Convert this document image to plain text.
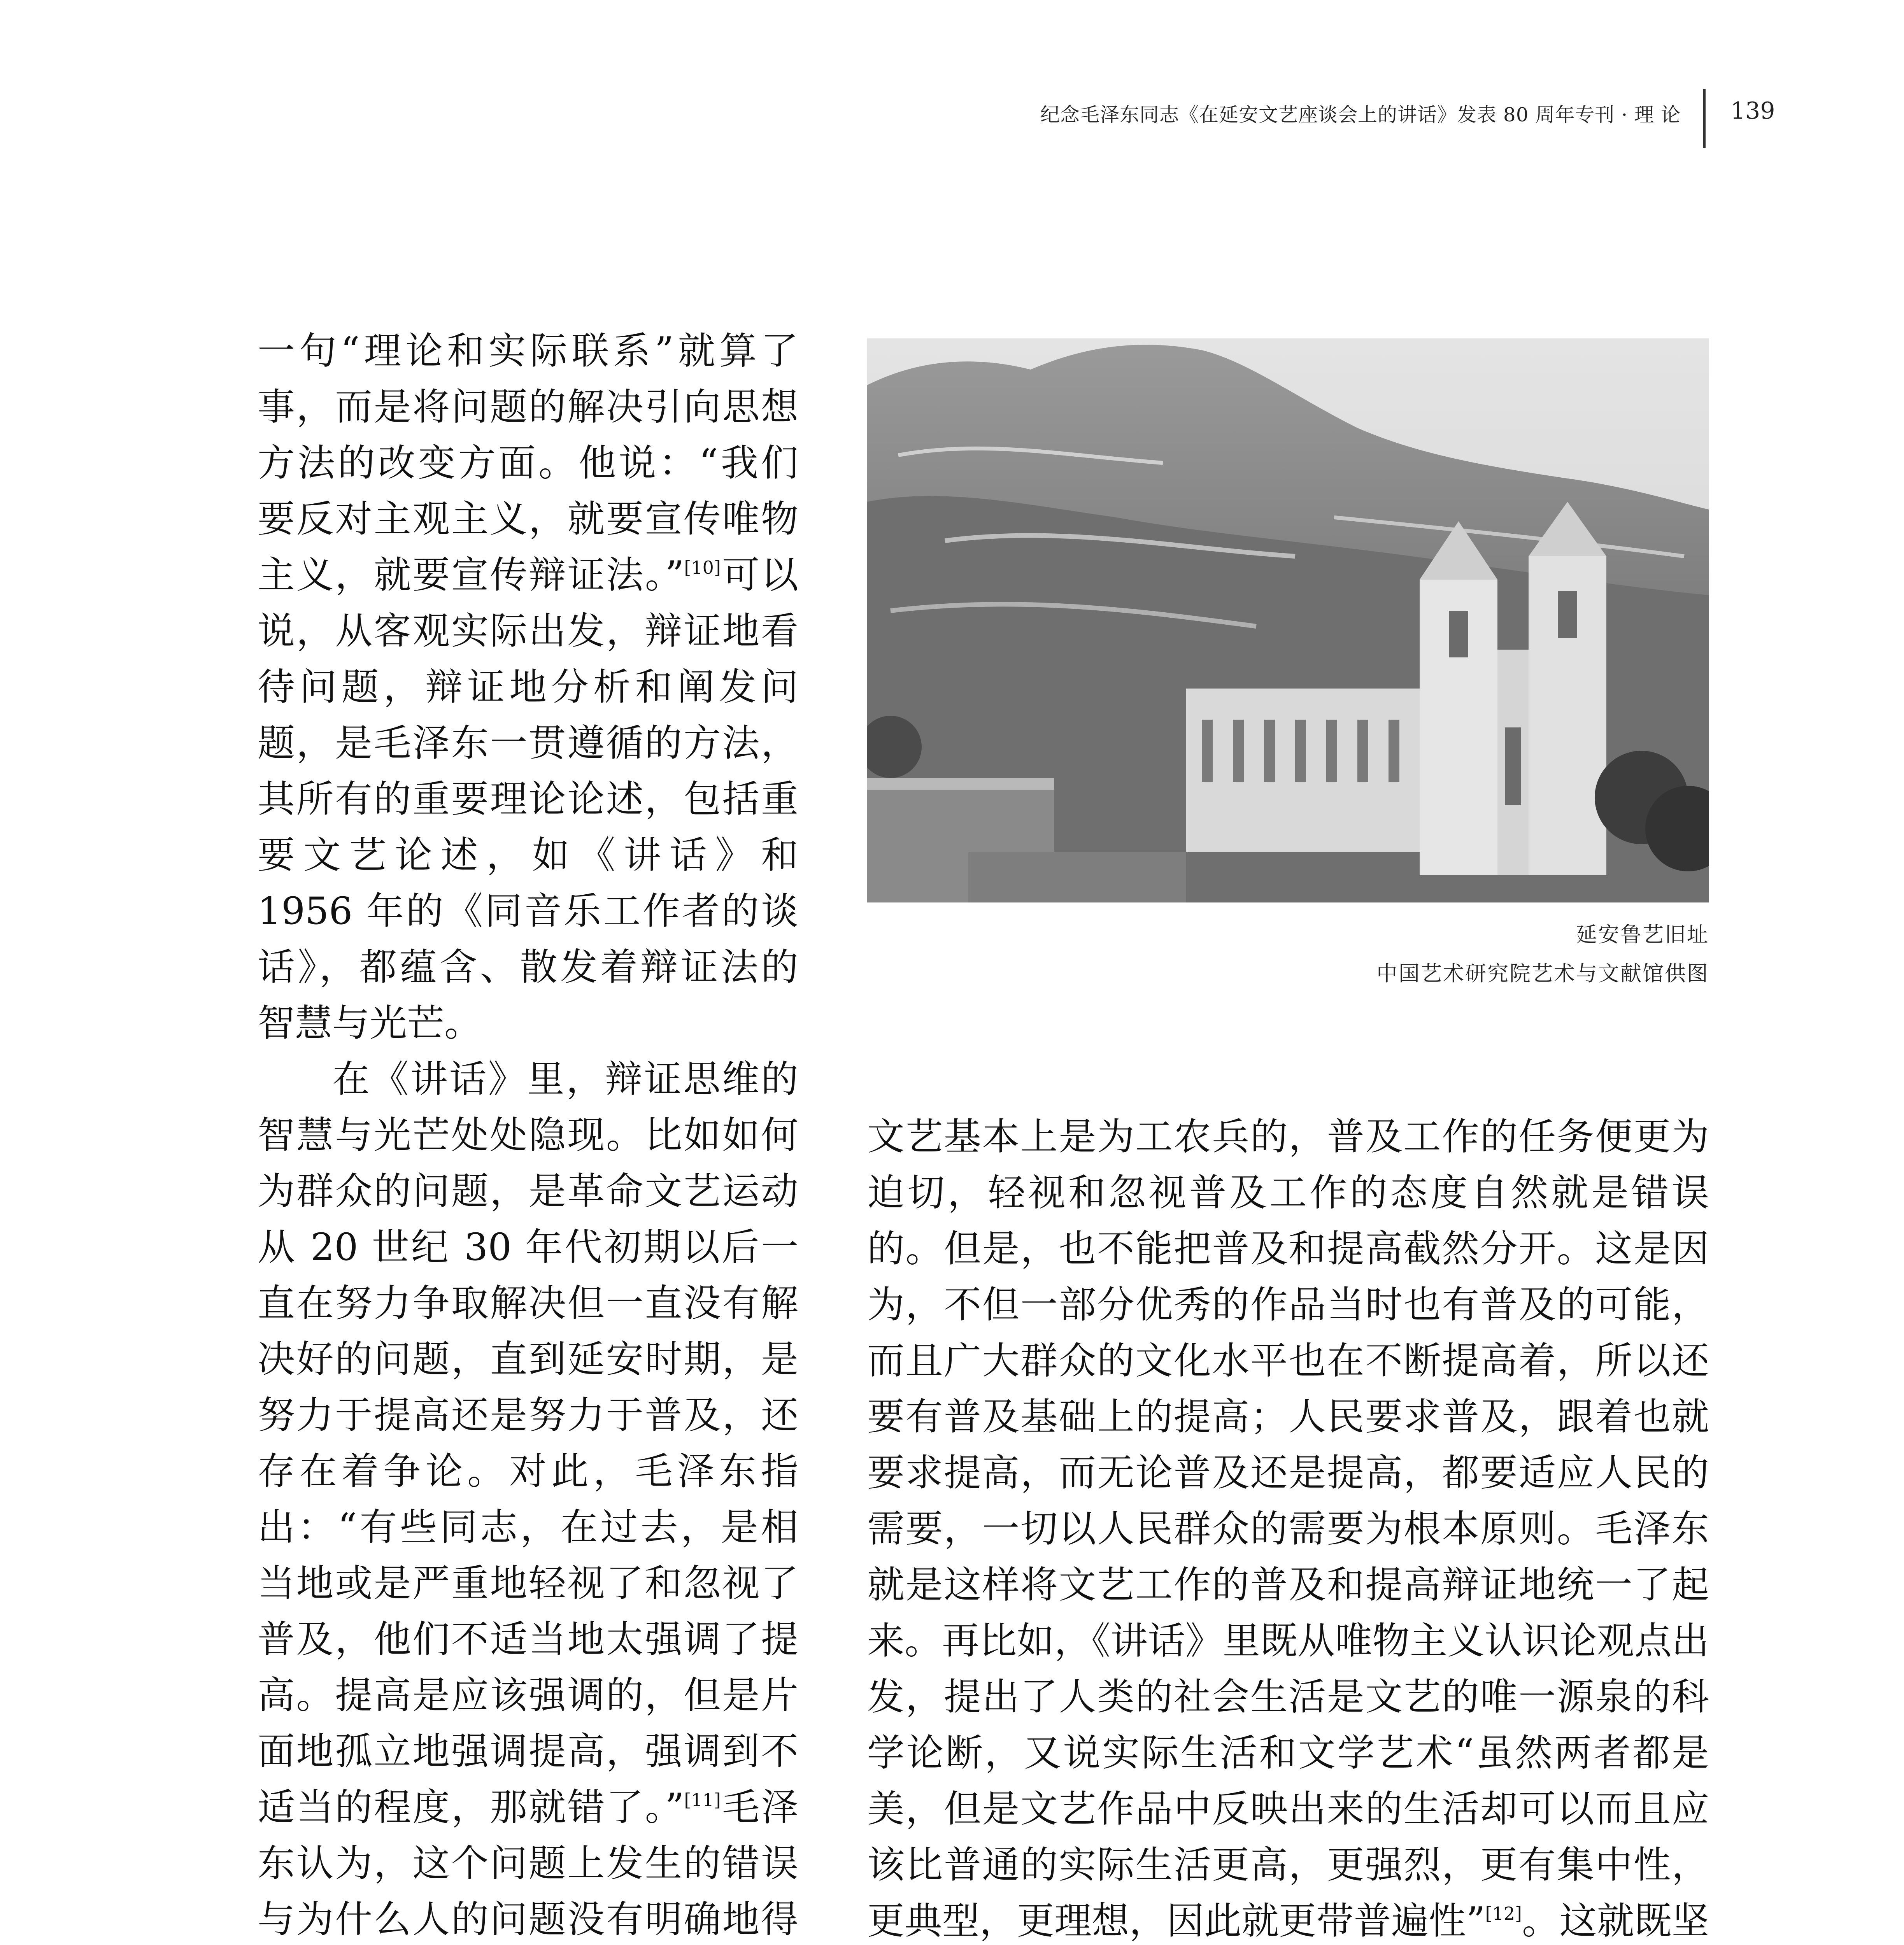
纪念毛泽东同志《在延安文艺座谈会上的讲话》发表 80 周年专刊 · 理 论 139

一句“理论和实际联系”就算了事，而是将问题的解决引向思想方法的改变方面。他说：“我们要反对主观主义，就要宣传唯物主义，就要宣传辩证法。”[10]可以说，从客观实际出发，辩证地看待问题，辩证地分析和阐发问题，是毛泽东一贯遵循的方法，其所有的重要理论论述，包括重要文艺论述，如《讲话》和 1956 年的《同音乐工作者的谈话》，都蕴含、散发着辩证法的智慧与光芒。

在《讲话》里，辩证思维的智慧与光芒处处隐现。比如如何为群众的问题，是革命文艺运动从 20 世纪 30 年代初期以后一直在努力争取解决但一直没有解决好的问题，直到延安时期，是努力于提高还是努力于普及，还存在着争论。对此，毛泽东指出：“有些同志，在过去，是相当地或是严重地轻视了和忽视了普及，他们不适当地太强调了提高。提高是应该强调的，但是片面地孤立地强调提高，强调到不适当的程度，那就错了。”[11]毛泽东认为，这个问题上发生的错误与为什么人的问题没有明确地得

延安鲁艺旧址
中国艺术研究院艺术与文献馆供图

文艺基本上是为工农兵的，普及工作的任务便更为迫切，轻视和忽视普及工作的态度自然就是错误的。但是，也不能把普及和提高截然分开。这是因为，不但一部分优秀的作品当时也有普及的可能，而且广大群众的文化水平也在不断提高着，所以还要有普及基础上的提高；人民要求普及，跟着也就要求提高，而无论普及还是提高，都要适应人民的需要，一切以人民群众的需要为根本原则。毛泽东就是这样将文艺工作的普及和提高辩证地统一了起来。再比如，《讲话》里既从唯物主义认识论观点出发，提出了人类的社会生活是文艺的唯一源泉的科学论断，又说实际生活和文学艺术“虽然两者都是美，但是文艺作品中反映出来的生活却可以而且应该比普通的实际生活更高，更强烈，更有集中性，更典型，更理想，因此就更带普遍性”[12]。这就既坚
